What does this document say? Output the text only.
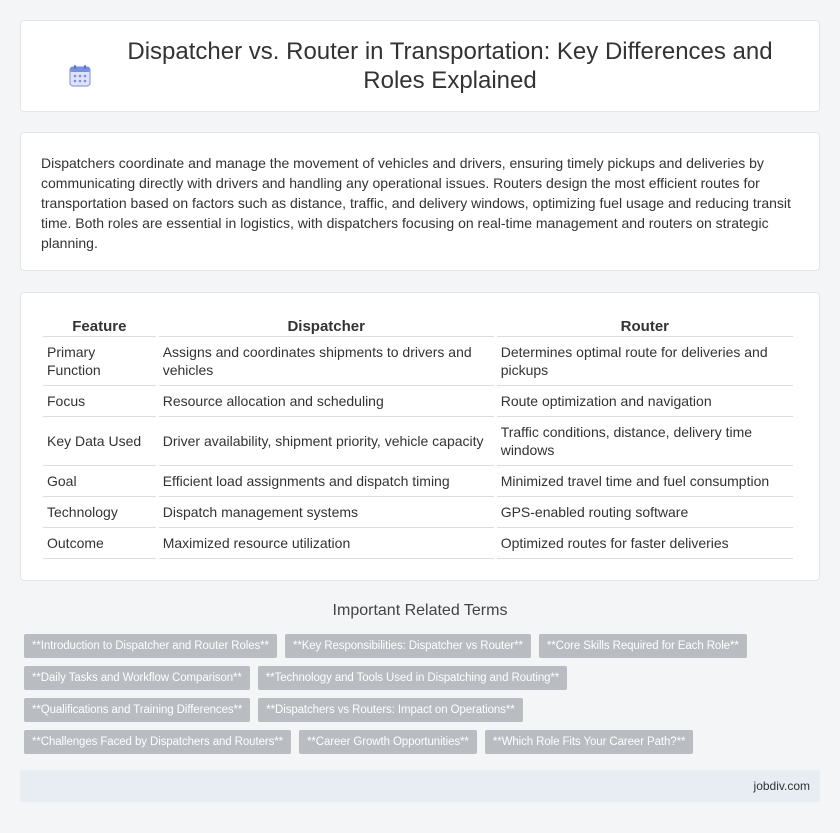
Dispatcher vs. Router in Transportation: Key Differences and Roles Explained

Dispatchers coordinate and manage the movement of vehicles and drivers, ensuring timely pickups and deliveries by communicating directly with drivers and handling any operational issues. Routers design the most efficient routes for transportation based on factors such as distance, traffic, and delivery windows, optimizing fuel usage and reducing transit time. Both roles are essential in logistics, with dispatchers focusing on real-time management and routers on strategic planning.

Feature	Dispatcher	Router
Primary Function	Assigns and coordinates shipments to drivers and vehicles	Determines optimal route for deliveries and pickups
Focus	Resource allocation and scheduling	Route optimization and navigation
Key Data Used	Driver availability, shipment priority, vehicle capacity	Traffic conditions, distance, delivery time windows
Goal	Efficient load assignments and dispatch timing	Minimized travel time and fuel consumption
Technology	Dispatch management systems	GPS-enabled routing software
Outcome	Maximized resource utilization	Optimized routes for faster deliveries
Important Related Terms
**Introduction to Dispatcher and Router Roles**	**Key Responsibilities: Dispatcher vs Router**	**Core Skills Required for Each Role**
**Daily Tasks and Workflow Comparison**	**Technology and Tools Used in Dispatching and Routing**
**Qualifications and Training Differences**	**Dispatchers vs Routers: Impact on Operations**
**Challenges Faced by Dispatchers and Routers**	**Career Growth Opportunities**	**Which Role Fits Your Career Path?**
jobdiv.com
